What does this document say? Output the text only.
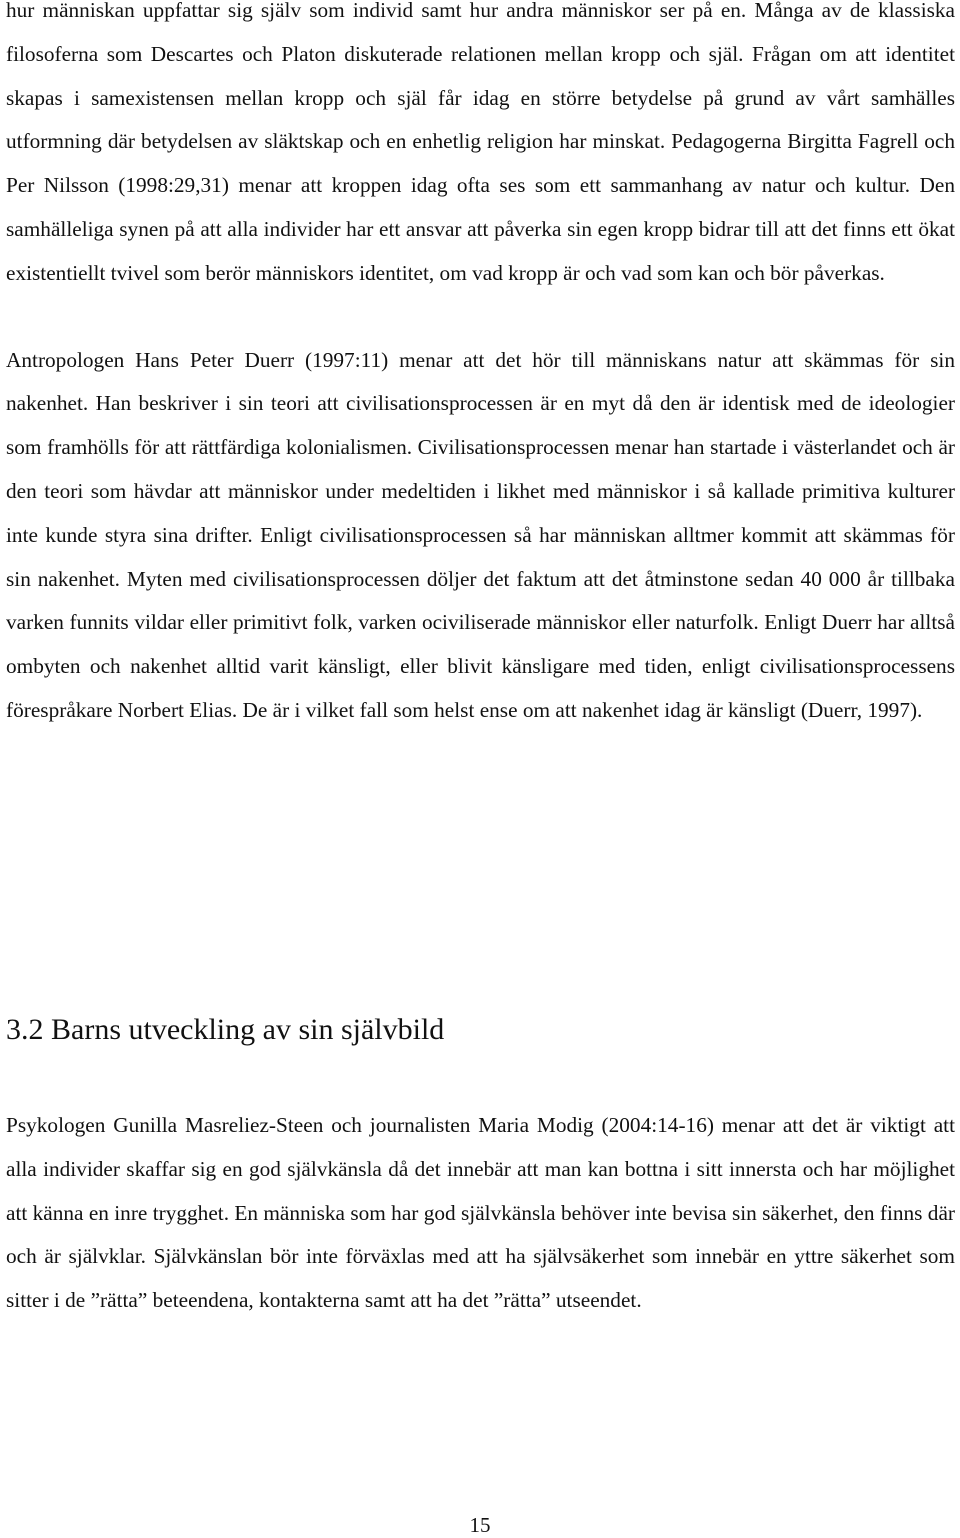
hur människan uppfattar sig själv som individ samt hur andra människor ser på en. Många av de klassiska filosoferna som Descartes och Platon diskuterade relationen mellan kropp och själ. Frågan om att identitet skapas i samexistensen mellan kropp och själ får idag en större betydelse på grund av vårt samhälles utformning där betydelsen av släktskap och en enhetlig religion har minskat. Pedagogerna Birgitta Fagrell och Per Nilsson (1998:29,31) menar att kroppen idag ofta ses som ett sammanhang av natur och kultur. Den samhälleliga synen på att alla individer har ett ansvar att påverka sin egen kropp bidrar till att det finns ett ökat existentiellt tvivel som berör människors identitet, om vad kropp är och vad som kan och bör påverkas.

Antropologen Hans Peter Duerr (1997:11) menar att det hör till människans natur att skämmas för sin nakenhet. Han beskriver i sin teori att civilisationsprocessen är en myt då den är identisk med de ideologier som framhölls för att rättfärdiga kolonialismen. Civilisationsprocessen menar han startade i västerlandet och är den teori som hävdar att människor under medeltiden i likhet med människor i så kallade primitiva kulturer inte kunde styra sina drifter. Enligt civilisationsprocessen så har människan alltmer kommit att skämmas för sin nakenhet. Myten med civilisationsprocessen döljer det faktum att det åtminstone sedan 40 000 år tillbaka varken funnits vildar eller primitivt folk, varken ociviliserade människor eller naturfolk. Enligt Duerr har alltså ombyten och nakenhet alltid varit känsligt, eller blivit känsligare med tiden, enligt civilisationsprocessens förespråkare Norbert Elias. De är i vilket fall som helst ense om att nakenhet idag är känsligt (Duerr, 1997).

3.2 Barns utveckling av sin självbild

Psykologen Gunilla Masreliez-Steen och journalisten Maria Modig (2004:14-16) menar att det är viktigt att alla individer skaffar sig en god självkänsla då det innebär att man kan bottna i sitt innersta och har möjlighet att känna en inre trygghet. En människa som har god självkänsla behöver inte bevisa sin säkerhet, den finns där och är självklar. Självkänslan bör inte förväxlas med att ha självsäkerhet som innebär en yttre säkerhet som sitter i de ”rätta” beteendena, kontakterna samt att ha det ”rätta” utseendet.

15
